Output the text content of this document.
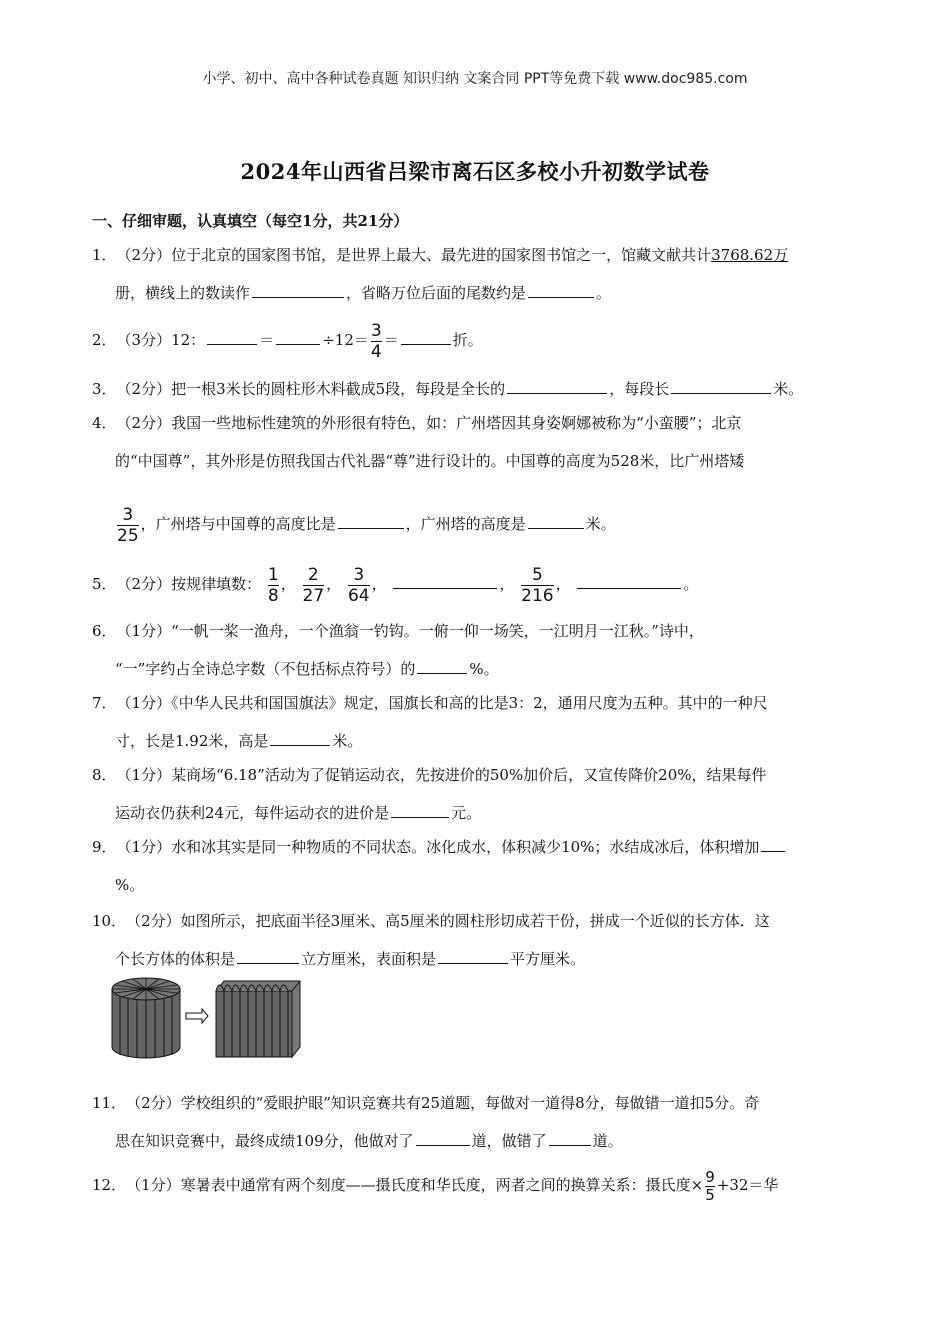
小学、初中、高中各种试卷真题 知识归纳 文案合同 PPT等免费下载 www.doc985.com
2024年山西省吕梁市离石区多校小升初数学试卷
一、仔细审题，认真填空（每空1分，共21分）
1．（2分）位于北京的国家图书馆，是世界上最大、最先进的国家图书馆之一，馆藏文献共计3768.62万
册，横线上的数读作	，省略万位后面的尾数约是	。
2．（3分）12：	＝	$\div 12= \frac{3}{4}$ ＝	折。
3．（2分）把一根3米长的圆柱形木料截成5段，每段是全长的	，每段长	米。
4．（2分）我国一些地标性建筑的外形很有特色，如：广州塔因其身姿婀娜被称为“小蛮腰”；北京
的“中国尊”，其外形是仿照我国古代礼器“尊”进行设计的。中国尊的高度为528米，比广州塔矮
$\frac{3}{25}$ ，广州塔与中国尊的高度比是	，广州塔的高度是	米。
5．（2分）按规律填数： $\frac{1}{8}$ ， $\frac{2}{27}$ ， $\frac{3}{64}$ ，	， $\frac{5}{216}$ ，	。
6．（1分）“一帆一桨一渔舟，一个渔翁一钓钩。一俯一仰一场笑，一江明月一江秋。”诗中，
“一”字约占全诗总字数（不包括标点符号）的	%。
7．（1分）《中华人民共和国国旗法》规定，国旗长和高的比是3：2，通用尺度为五种。其中的一种尺
寸，长是1.92米，高是	米。
8．（1分）某商场“6.18”活动为了促销运动衣，先按进价的50%加价后，又宣传降价20%，结果每件
运动衣仍获利24元，每件运动衣的进价是	元。
9．（1分）水和冰其实是同一种物质的不同状态。冰化成水，体积减少10%；水结成冰后，体积增加
%。
10．（2分）如图所示，把底面半径3厘米、高5厘米的圆柱形切成若干份，拼成一个近似的长方体．这
个长方体的体积是	立方厘米，表面积是	平方厘米。
11．（2分）学校组织的“爱眼护眼”知识竞赛共有25道题，每做对一道得8分，每做错一道扣5分。奇
思在知识竞赛中，最终成绩109分，他做对了	道，做错了	道。
12．（1分）寒暑表中通常有两个刻度——摄氏度和华氏度，两者之间的换算关系：摄氏度× $\frac{9}{5} +32=$华
